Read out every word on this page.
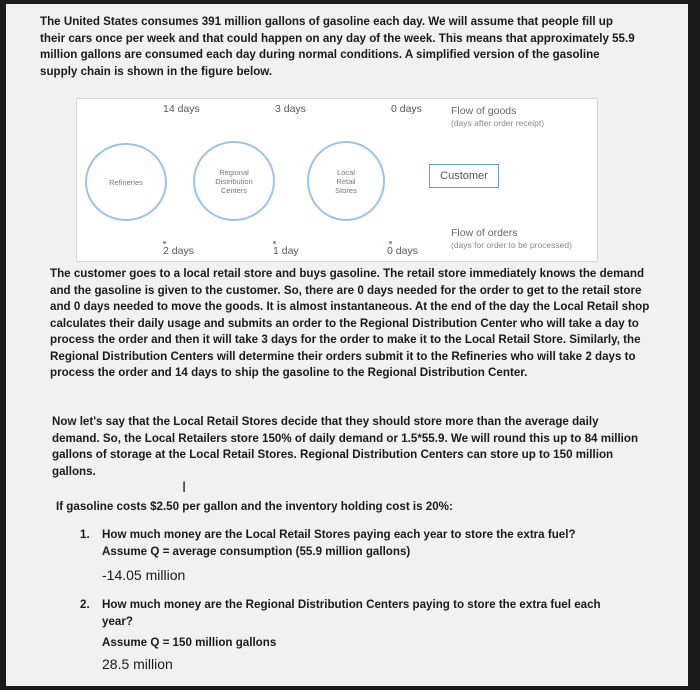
The United States consumes 391 million gallons of gasoline each day. We will assume that people fill up their cars once per week and that could happen on any day of the week. This means that approximately 55.9 million gallons are consumed each day during normal conditions. A simplified version of the gasoline supply chain is shown in the figure below.
14 days	3 days	0 days	Flow of goods
(days after order receipt)
Refineries
Regional Distribution Centers
Local Retail Stores
Customer
2 days	1 day	0 days
Flow of orders
(days for order to be processed)
The customer goes to a local retail store and buys gasoline. The retail store immediately knows the demand and the gasoline is given to the customer. So, there are 0 days needed for the order to get to the retail store and 0 days needed to move the goods. It is almost instantaneous. At the end of the day the Local Retail shop calculates their daily usage and submits an order to the Regional Distribution Center who will take a day to process the order and then it will take 3 days for the order to make it to the Local Retail Store. Similarly, the Regional Distribution Centers will determine their orders submit it to the Refineries who will take 2 days to process the order and 14 days to ship the gasoline to the Regional Distribution Center.
Now let's say that the Local Retail Stores decide that they should store more than the average daily demand. So, the Local Retailers store 150% of daily demand or 1.5*55.9. We will round this up to 84 million gallons of storage at the Local Retail Stores. Regional Distribution Centers can store up to 150 million gallons.
I
If gasoline costs $2.50 per gallon and the inventory holding cost is 20%:
1. How much money are the Local Retail Stores paying each year to store the extra fuel?
Assume Q = average consumption (55.9 million gallons)
-14.05 million
2. How much money are the Regional Distribution Centers paying to store the extra fuel each year?
Assume Q = 150 million gallons
28.5 million
